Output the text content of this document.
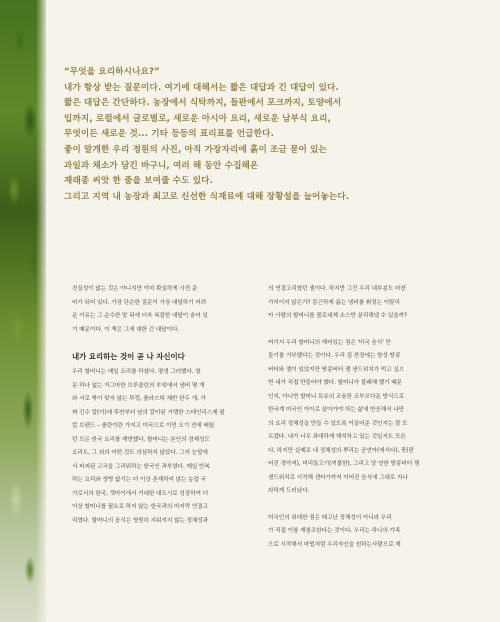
“무엇을 요리하시나요?”
내가 항상 받는 질문이다. 여기에 대해서는 짧은 대답과 긴 대답이 있다.
짧은 대답은 간단하다. 농장에서 식탁까지, 들판에서 포크까지, 토양에서
입까지, 로컬에서 글로벌로, 새로운 아시아 요리, 새로운 남부식 요리,
무엇이든 새로운 것... 기타 등등의 표리표를 언급한다.
좋이 말개한 우리 정원의 사진, 아직 가장자리에 흙이 조금 묻어 있는
과일과 채소가 담긴 바구니, 여러 해 동안 수집해온
재래종 씨앗 한 줌을 보여줄 수도 있다.
그리고 지역 내 농장과 최고로 신선한 식재료에 대해 장황설을 늘어놓는다.
진실성이 없는 것은 아니지만 이미 확실하게 사전 준
비가 되어 있다. 가장 단순한 질문이 가장 대답하기 어려
운 이유는 그 순수한 말 뒤에 더욱 복잡한 대답이 숨어 있
기 때문이다. 이 책은 그에 대한 긴 대답이다.
내가 요리하는 것이 곧 나 자신이다
우리 할머니는 매일 요리를 하셨다. 평생 그러했다. 창
문 하나 없는 자그마한 브루클린의 부엌에서 냄비 몇 개
와 서로 짝이 맞지 않는 뚜껑, 플라스틱 체반 한두 개, 가
짜 긴수 칼(이)에 후반부터 남의 칼이된 거랭한 스테인리스제 팔
칼 브랜드 – 솔란이란 가지고 미국으로 이민 오기 전에 배웠
던 모든 한국 요리를 재현했다. 할머니는 본인의 경제성도
요리도, 그 외의 어떤 것도 의심하지 않았다. 그저 눈앞에
서 파괴된 고국을 그리워하는 한국인 과부였다. 매일 반복
하는 요리와 생명 없기는 더 이상 존재하지 않는 농업 국
가로서의 한국, 갯마이에서 거대한 대도시로 성장하여 더
이상 할머니를 필요로 하지 않는 한국과의 마지막 연결고
리였다. 할머니의 음식은 영원히 지워지지 않는 정체성과
의 연결고리였던 셈이다. 하지만 그건 우리 대부분도 마찬
가지이지 않은가? 몽근하게 끓는 냄비를 휘젓는 이탈리
아 사람의 할머니를 볼로네제 소스만 분리해낼 수 있을까?
여기서 우리 할머니의 재미있는 점은 '미국 음식' 만
들기를 거부했다는 것이다. 우리 집 찬장에는 항상 땅콩
버터와 젤이 있었지만 땅콩버터 잼 샌드위치가 먹고 싶으
면 내가 직접 만들어야 했다. 할머니가 불쾌해 했기 때문
인지, 아니면 할머니 특유의 조용한 조부모다운 방식으로
한국계 미국인 아이로 살아가야 하는 삶에 반응해서 나만
의 요리 정체성을 만들 수 있도록 이끌어준 것인지는 잘 모
르겠다. 내가 너무 과대하게 해석하고 있는 것일지도 모른
다. 하지만 실제로 내 정체성의 뿌리는 공연아(에서다), 풋(편
어진 경아져), 머리들고기(꺼풀한), 그리고 당 연한 땅콩버터 잼
샌드위치로 시작해 센터가까지 이어진 음식에 그대로 지나
라하게 드러났다.
미국인의 위대한 점은 태고난 정체성이 아니라 우리
가 직접 이를 재창조한다는 것이다. 우리는 하나의 가족
으로 시작해서 마법처럼 우리자신을 원하는사람으로 재
